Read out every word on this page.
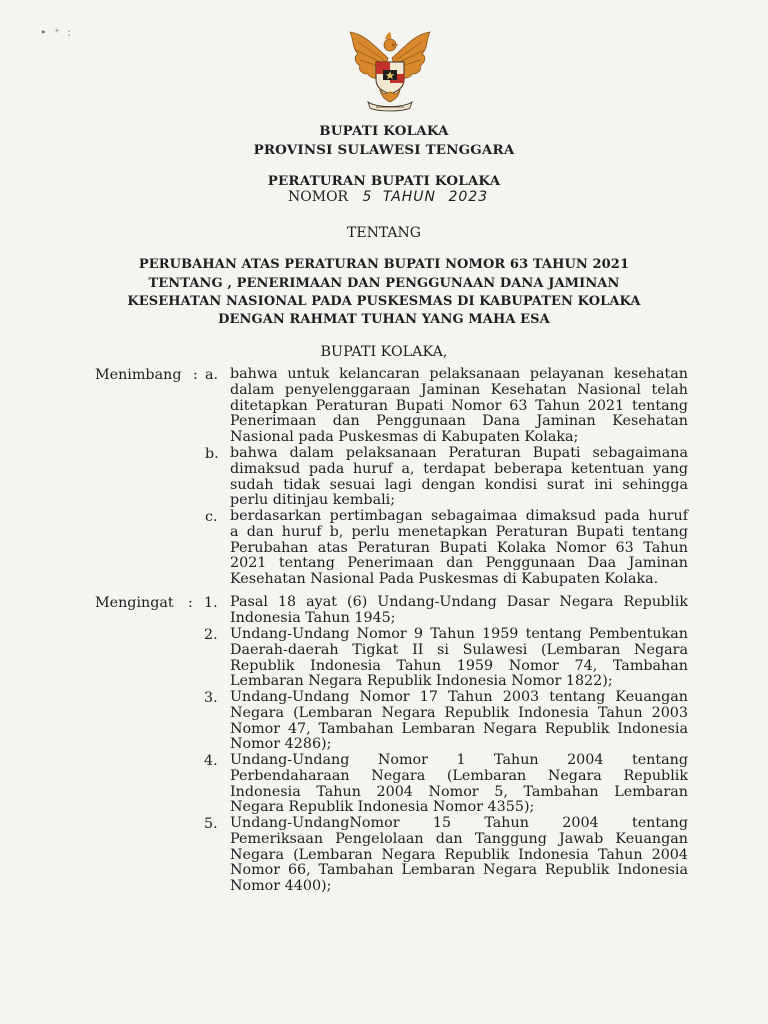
• ⁺ :
BUPATI KOLAKA
PROVINSI SULAWESI TENGGARA
PERATURAN BUPATI KOLAKA
NOMOR 5 TAHUN 2023
TENTANG
PERUBAHAN ATAS PERATURAN BUPATI NOMOR 63 TAHUN 2021
TENTANG , PENERIMAAN DAN PENGGUNAAN DANA JAMINAN
KESEHATAN NASIONAL PADA PUSKESMAS DI KABUPATEN KOLAKA
DENGAN RAHMAT TUHAN YANG MAHA ESA
BUPATI KOLAKA,
Menimbang : a. bahwa untuk kelancaran pelaksanaan pelayanan kesehatan
dalam penyelenggaraan Jaminan Kesehatan Nasional telah
ditetapkan Peraturan Bupati Nomor 63 Tahun 2021 tentang
Penerimaan dan Penggunaan Dana Jaminan Kesehatan
Nasional pada Puskesmas di Kabupaten Kolaka;
b. bahwa dalam pelaksanaan Peraturan Bupati sebagaimana
dimaksud pada huruf a, terdapat beberapa ketentuan yang
sudah tidak sesuai lagi dengan kondisi surat ini sehingga
perlu ditinjau kembali;
c. berdasarkan pertimbagan sebagaimaa dimaksud pada huruf
a dan huruf b, perlu menetapkan Peraturan Bupati tentang
Perubahan atas Peraturan Bupati Kolaka Nomor 63 Tahun
2021 tentang Penerimaan dan Penggunaan Daa Jaminan
Kesehatan Nasional Pada Puskesmas di Kabupaten Kolaka.
Mengingat : 1. Pasal 18 ayat (6) Undang-Undang Dasar Negara Republik
Indonesia Tahun 1945;
2. Undang-Undang Nomor 9 Tahun 1959 tentang Pembentukan
Daerah-daerah Tigkat II si Sulawesi (Lembaran Negara
Republik Indonesia Tahun 1959 Nomor 74, Tambahan
Lembaran Negara Republik Indonesia Nomor 1822);
3. Undang-Undang Nomor 17 Tahun 2003 tentang Keuangan
Negara (Lembaran Negara Republik Indonesia Tahun 2003
Nomor 47, Tambahan Lembaran Negara Republik Indonesia
Nomor 4286);
4. Undang-Undang Nomor 1 Tahun 2004 tentang
Perbendaharaan Negara (Lembaran Negara Republik
Indonesia Tahun 2004 Nomor 5, Tambahan Lembaran
Negara Republik Indonesia Nomor 4355);
5. Undang-UndangNomor 15 Tahun 2004 tentang
Pemeriksaan Pengelolaan dan Tanggung Jawab Keuangan
Negara (Lembaran Negara Republik Indonesia Tahun 2004
Nomor 66, Tambahan Lembaran Negara Republik Indonesia
Nomor 4400);
